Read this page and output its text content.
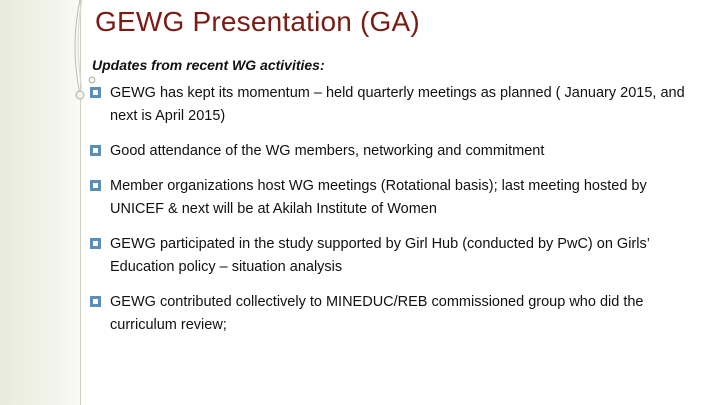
GEWG Presentation (GA)
Updates from recent WG activities:
GEWG has kept its momentum – held quarterly meetings as planned ( January 2015, and next is April 2015)
Good attendance of the WG members, networking and commitment
Member organizations host WG meetings (Rotational basis); last meeting hosted by UNICEF & next will be at Akilah Institute of Women
GEWG participated in the study supported by Girl Hub (conducted by PwC) on Girls’ Education policy – situation analysis
GEWG contributed collectively to MINEDUC/REB commissioned group who did the curriculum review;
